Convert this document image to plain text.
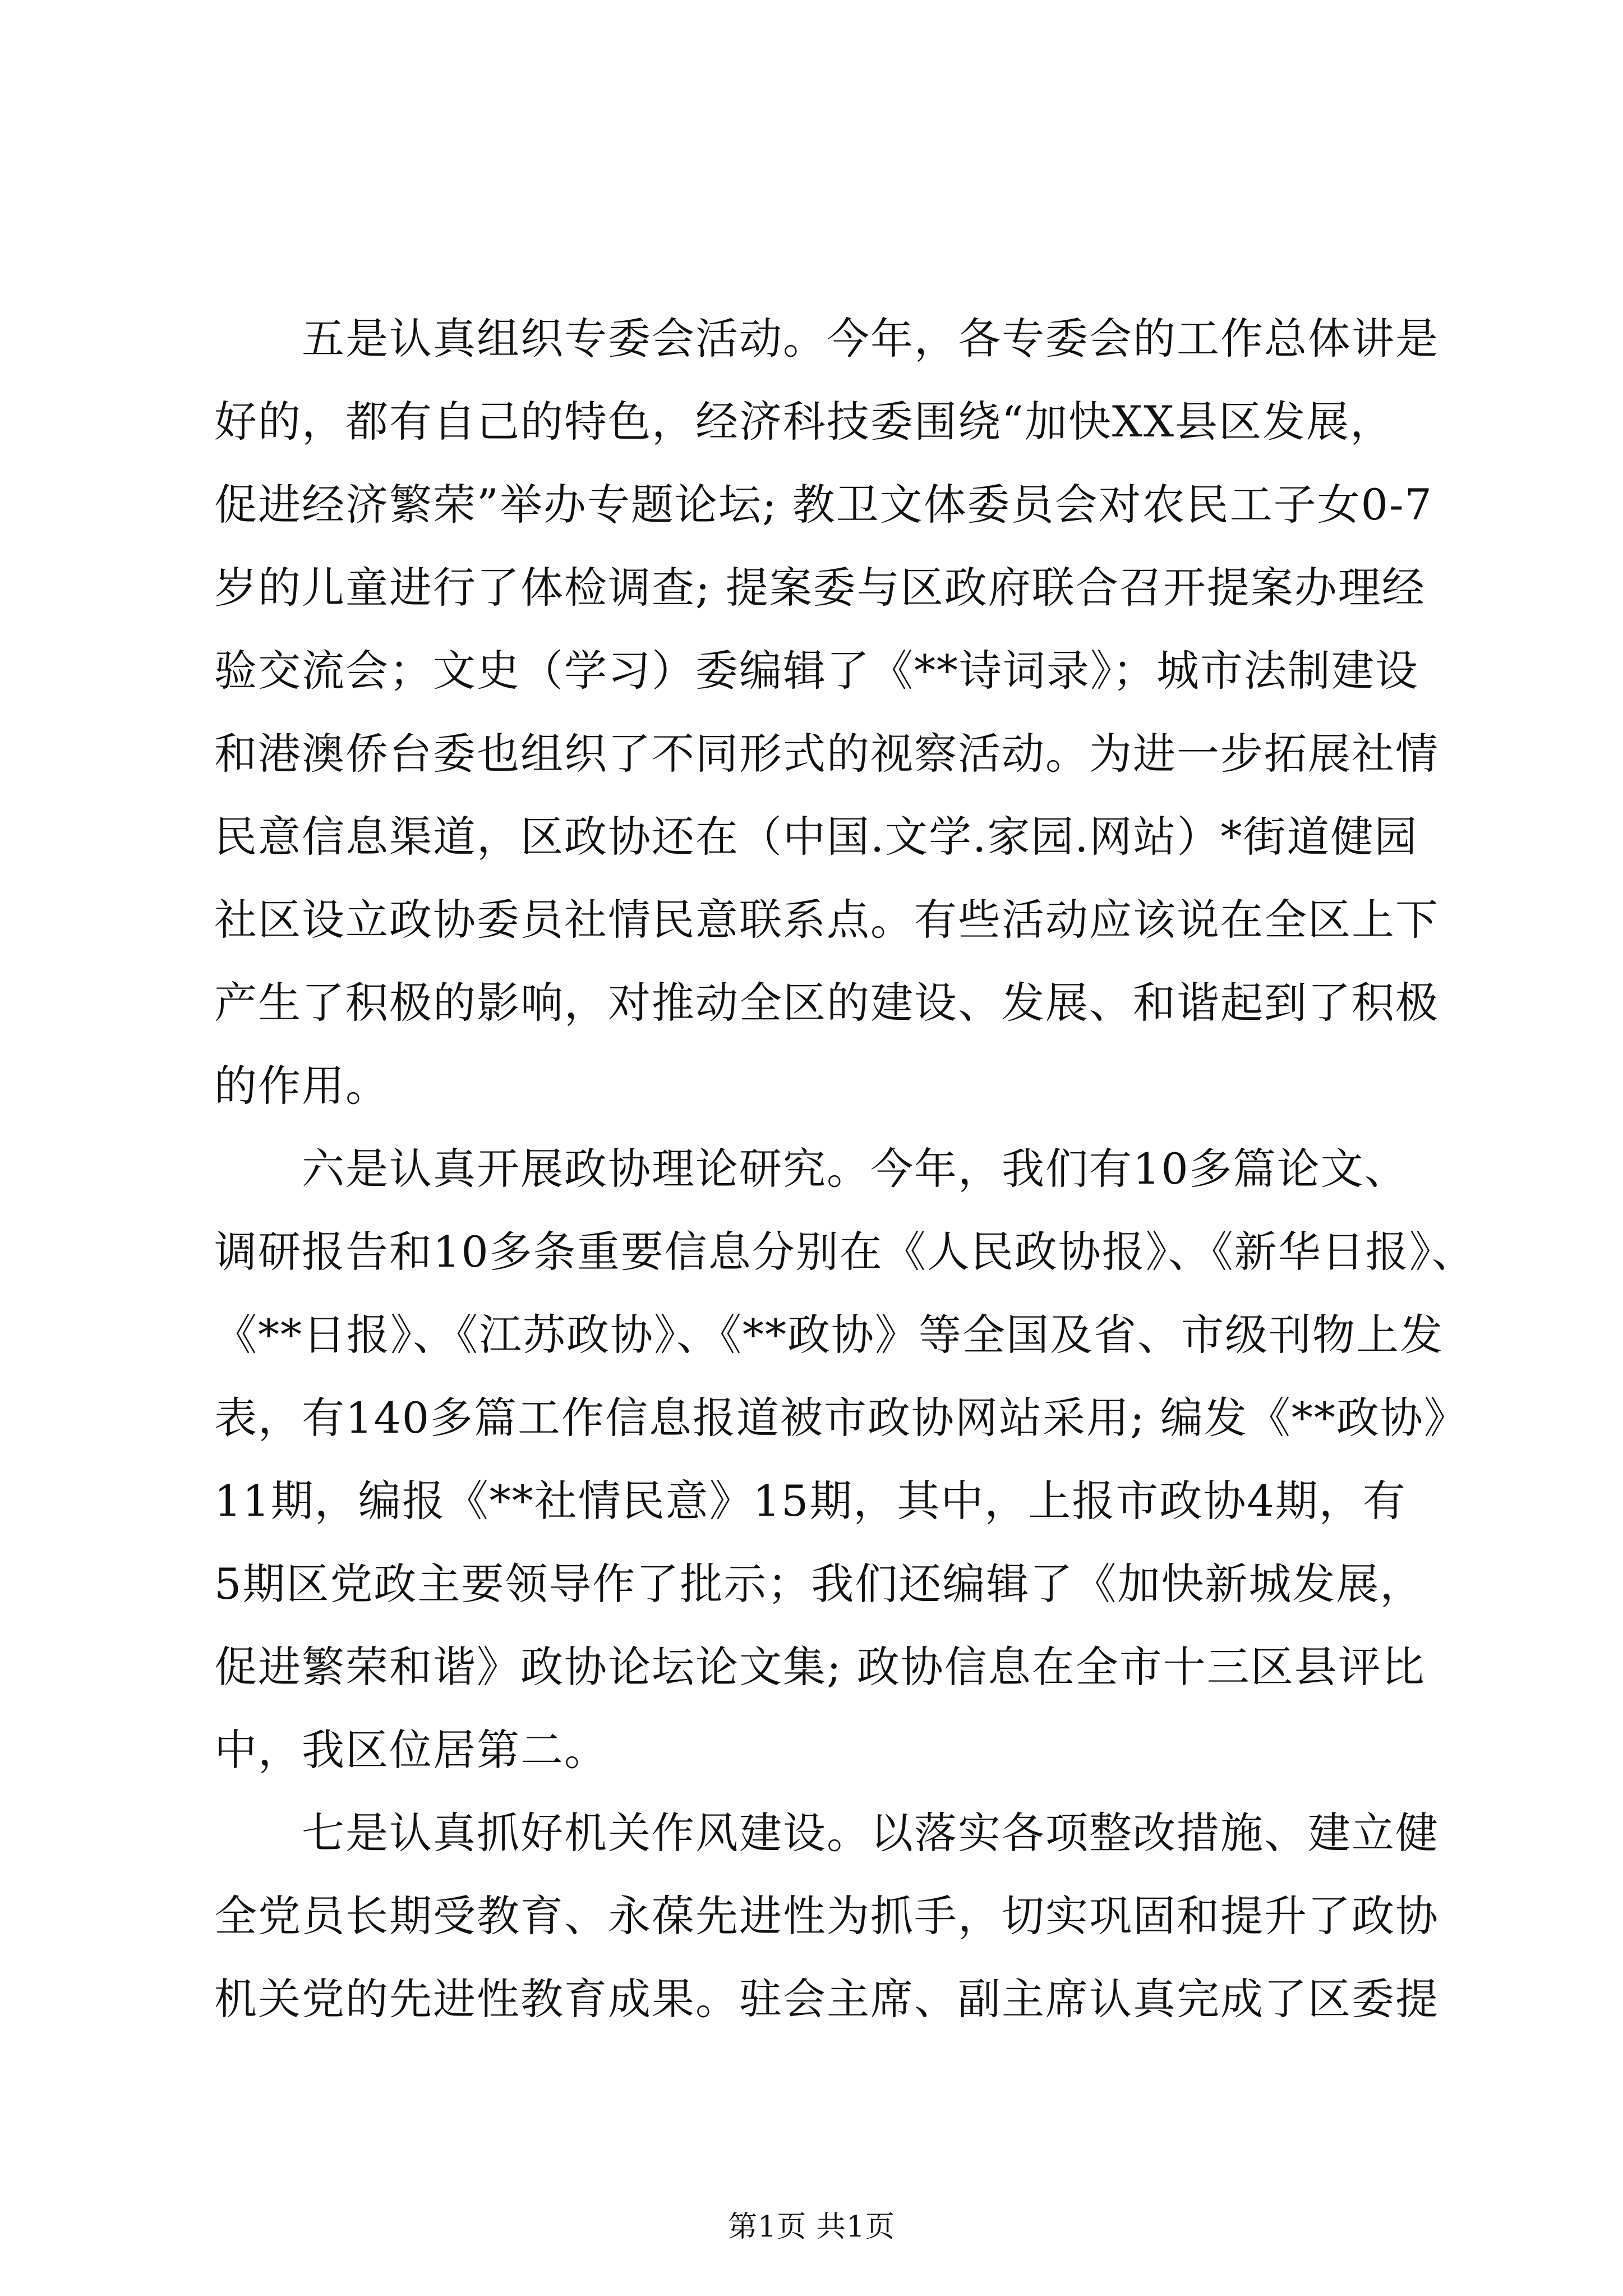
五是认真组织专委会活动。今年，各专委会的工作总体讲是
好的，都有自己的特色，经济科技委围绕“加快XX县区发展，
促进经济繁荣”举办专题论坛; 教卫文体委员会对农民工子女0-7
岁的儿童进行了体检调查; 提案委与区政府联合召开提案办理经
验交流会；文史（学习）委编辑了《**诗词录》；城市法制建设
和港澳侨台委也组织了不同形式的视察活动。为进一步拓展社情
民意信息渠道，区政协还在（中国.文学.家园.网站）*街道健园
社区设立政协委员社情民意联系点。有些活动应该说在全区上下
产生了积极的影响，对推动全区的建设、发展、和谐起到了积极
的作用。
六是认真开展政协理论研究。今年，我们有10多篇论文、
调研报告和10多条重要信息分别在《人民政协报》、《新华日报》、
《**日报》、《江苏政协》、《**政协》等全国及省、市级刊物上发
表，有140多篇工作信息报道被市政协网站采用; 编发《**政协》
11期，编报《**社情民意》15期，其中，上报市政协4期，有
5期区党政主要领导作了批示；我们还编辑了《加快新城发展，
促进繁荣和谐》政协论坛论文集; 政协信息在全市十三区县评比
中，我区位居第二。
七是认真抓好机关作风建设。以落实各项整改措施、建立健
全党员长期受教育、永葆先进性为抓手，切实巩固和提升了政协
机关党的先进性教育成果。驻会主席、副主席认真完成了区委提
第1页 共1页
